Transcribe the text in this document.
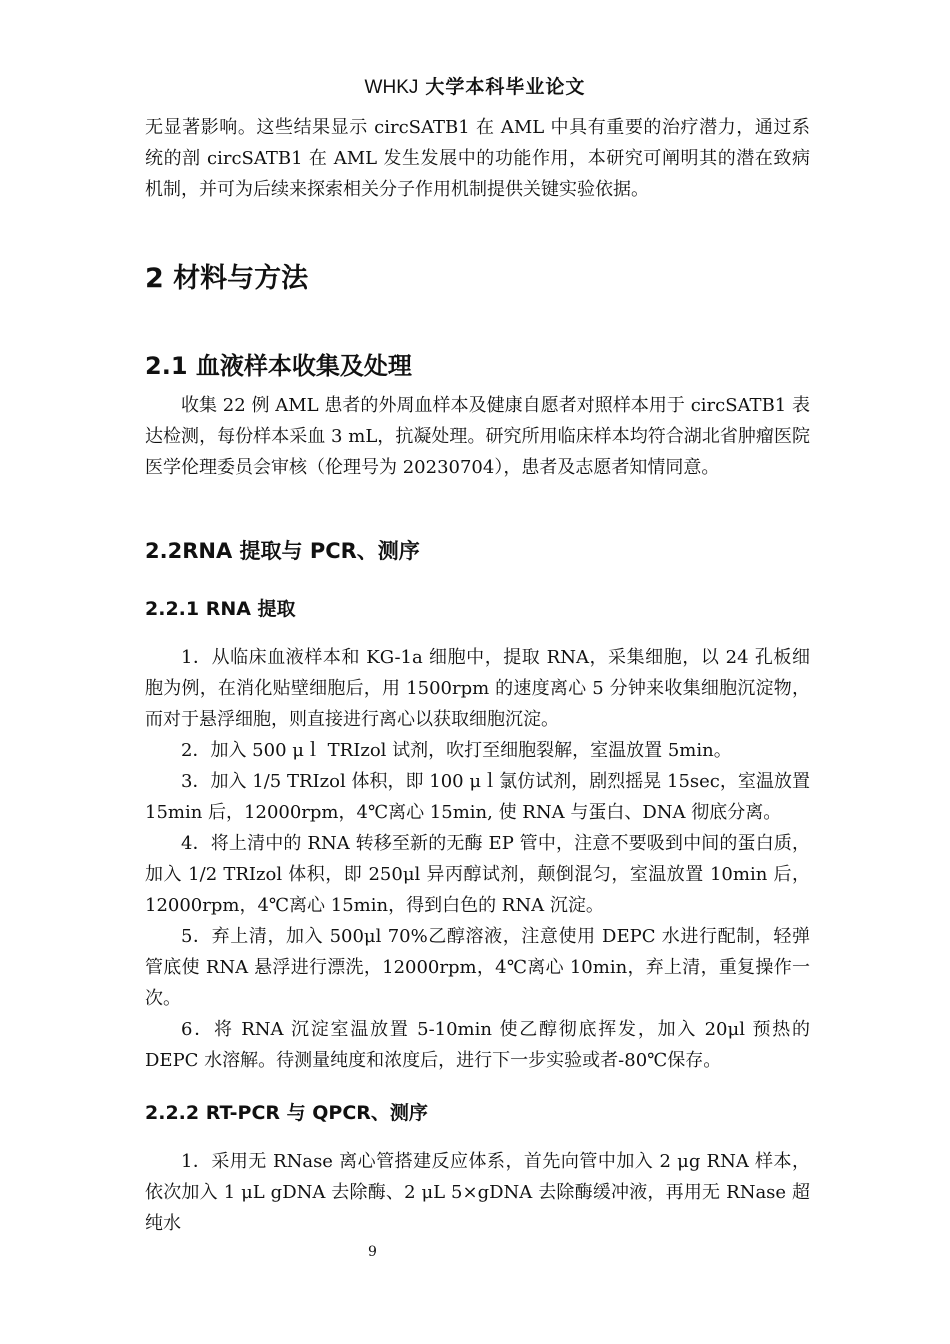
WHKJ 大学本科毕业论文

无显著影响。这些结果显示 circSATB1 在 AML 中具有重要的治疗潜力，通过系统的剖 circSATB1 在 AML 发生发展中的功能作用，本研究可阐明其的潜在致病机制，并可为后续来探索相关分子作用机制提供关键实验依据。

2 材料与方法
2.1 血液样本收集及处理

收集 22 例 AML 患者的外周血样本及健康自愿者对照样本用于 circSATB1 表达检测，每份样本采血 3 mL，抗凝处理。研究所用临床样本均符合湖北省肿瘤医院医学伦理委员会审核（伦理号为 20230704），患者及志愿者知情同意。

2.2RNA 提取与 PCR、测序
2.2.1 RNA 提取

1．从临床血液样本和 KG-1a 细胞中，提取 RNA，采集细胞，以 24 孔板细胞为例，在消化贴壁细胞后，用 1500rpm 的速度离心 5 分钟来收集细胞沉淀物，而对于悬浮细胞，则直接进行离心以获取细胞沉淀。

2．加入 500 μｌ TRIzol 试剂，吹打至细胞裂解，室温放置 5min。

3．加入 1/5 TRIzol 体积，即 100 μｌ氯仿试剂，剧烈摇晃 15sec，室温放置 15min 后，12000rpm，4℃离心 15min, 使 RNA 与蛋白、DNA 彻底分离。

4．将上清中的 RNA 转移至新的无酶 EP 管中，注意不要吸到中间的蛋白质，加入 1/2 TRIzol 体积，即 250μl 异丙醇试剂，颠倒混匀，室温放置 10min 后，12000rpm，4℃离心 15min，得到白色的 RNA 沉淀。

5．弃上清，加入 500μl 70%乙醇溶液，注意使用 DEPC 水进行配制，轻弹管底使 RNA 悬浮进行漂洗，12000rpm，4℃离心 10min，弃上清，重复操作一次。

6．将 RNA 沉淀室温放置 5-10min 使乙醇彻底挥发，加入 20μl 预热的 DEPC 水溶解。待测量纯度和浓度后，进行下一步实验或者-80℃保存。

2.2.2 RT-PCR 与 QPCR、测序

1．采用无 RNase 离心管搭建反应体系，首先向管中加入 2 μg RNA 样本，依次加入 1 μL gDNA 去除酶、2 μL 5×gDNA 去除酶缓冲液，再用无 RNase 超纯水

9
